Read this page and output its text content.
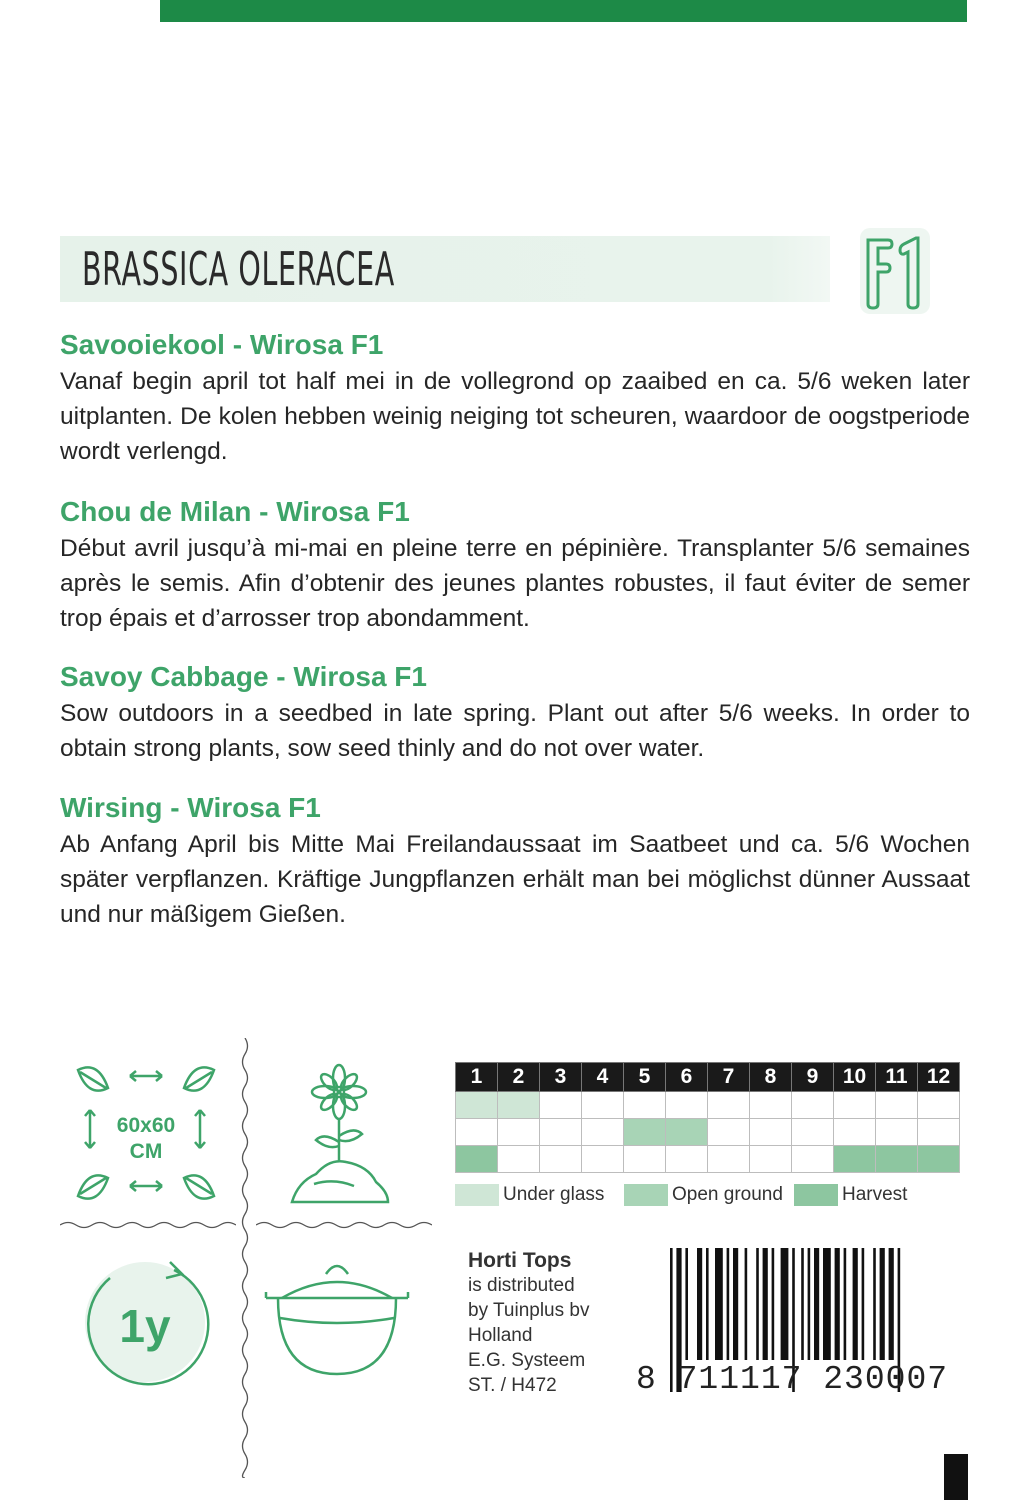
BRASSICA OLERACEA
Savooiekool - Wirosa F1

Vanaf begin april tot half mei in de vollegrond op zaaibed en ca. 5/6 weken later uitplanten. De kolen hebben weinig neiging tot scheuren, waardoor de oogstperiode wordt verlengd.

Chou de Milan - Wirosa F1

Début avril jusqu’à mi-mai en pleine terre en pépinière. Transplanter 5/6 semaines après le semis. Afin d’obtenir des jeunes plantes robustes, il faut éviter de semer trop épais et d’arrosser trop abondamment.

Savoy Cabbage - Wirosa F1

Sow outdoors in a seedbed in late spring. Plant out after 5/6 weeks. In order to obtain strong plants, sow seed thinly and do not over water.

Wirsing - Wirosa F1

Ab Anfang April bis Mitte Mai Freilandaussaat im Saatbeet und ca. 5/6 Wochen später verpflanzen. Kräftige Jungpflanzen erhält man bei möglichst dünner Aussaat und nur mäßigem Gießen.

60x60
CM
1y
1	2	3	4	5	6	7	8	9	10	11	12

Under glass	Open ground	Harvest
Horti Tops
is distributed
by Tuinplus bv
Holland
E.G. Systeem
ST. / H472	8 711117 230007
